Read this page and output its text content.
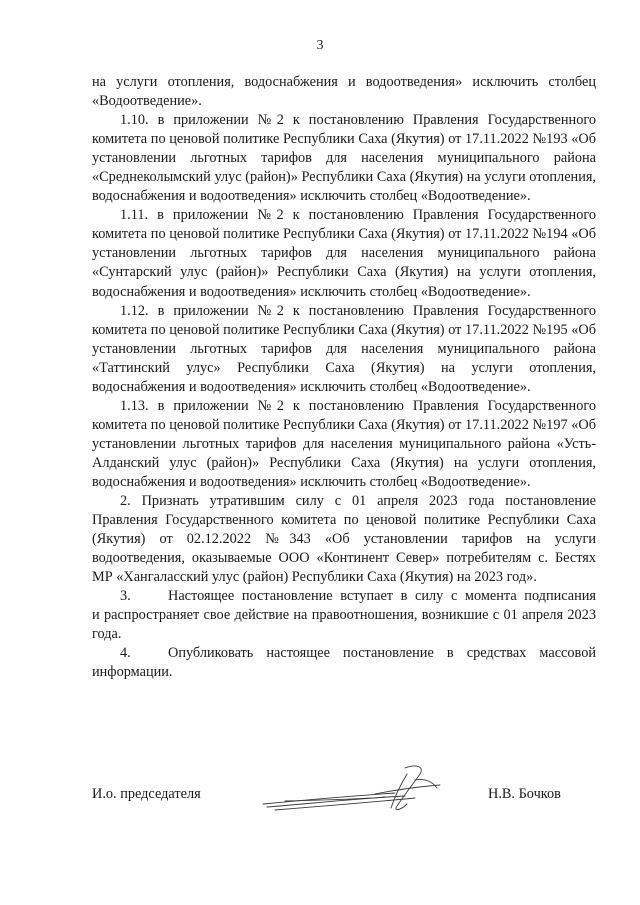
3

на услуги отопления, водоснабжения и водоотведения» исключить столбец «Водоотведение».

1.10. в приложении №2 к постановлению Правления Государственного комитета по ценовой политике Республики Саха (Якутия) от 17.11.2022 №193 «Об установлении льготных тарифов для населения муниципального района «Среднеколымский улус (район)» Республики Саха (Якутия) на услуги отопления, водоснабжения и водоотведения» исключить столбец «Водоотведение».

1.11. в приложении №2 к постановлению Правления Государственного комитета по ценовой политике Республики Саха (Якутия) от 17.11.2022 №194 «Об установлении льготных тарифов для населения муниципального района «Сунтарский улус (район)» Республики Саха (Якутия) на услуги отопления, водоснабжения и водоотведения» исключить столбец «Водоотведение».

1.12. в приложении №2 к постановлению Правления Государственного комитета по ценовой политике Республики Саха (Якутия) от 17.11.2022 №195 «Об установлении льготных тарифов для населения муниципального района «Таттинский улус» Республики Саха (Якутия) на услуги отопления, водоснабжения и водоотведения» исключить столбец «Водоотведение».

1.13. в приложении №2 к постановлению Правления Государственного комитета по ценовой политике Республики Саха (Якутия) от 17.11.2022 №197 «Об установлении льготных тарифов для населения муниципального района «Усть-Алданский улус (район)» Республики Саха (Якутия) на услуги отопления, водоснабжения и водоотведения» исключить столбец «Водоотведение».

2. Признать утратившим силу с 01 апреля 2023 года постановление Правления Государственного комитета по ценовой политике Республики Саха (Якутия) от 02.12.2022 №343 «Об установлении тарифов на услуги водоотведения, оказываемые ООО «Континент Север» потребителям с. Бестях МР «Хангаласский улус (район) Республики Саха (Якутия) на 2023 год».

3.	Настоящее постановление вступает в силу с момента подписания
и распространяет свое действие на правоотношения, возникшие с 01 апреля 2023 года.
4.	Опубликовать настоящее постановление в средствах массовой
информации.
И.о. председателя	Н.В. Бочков
